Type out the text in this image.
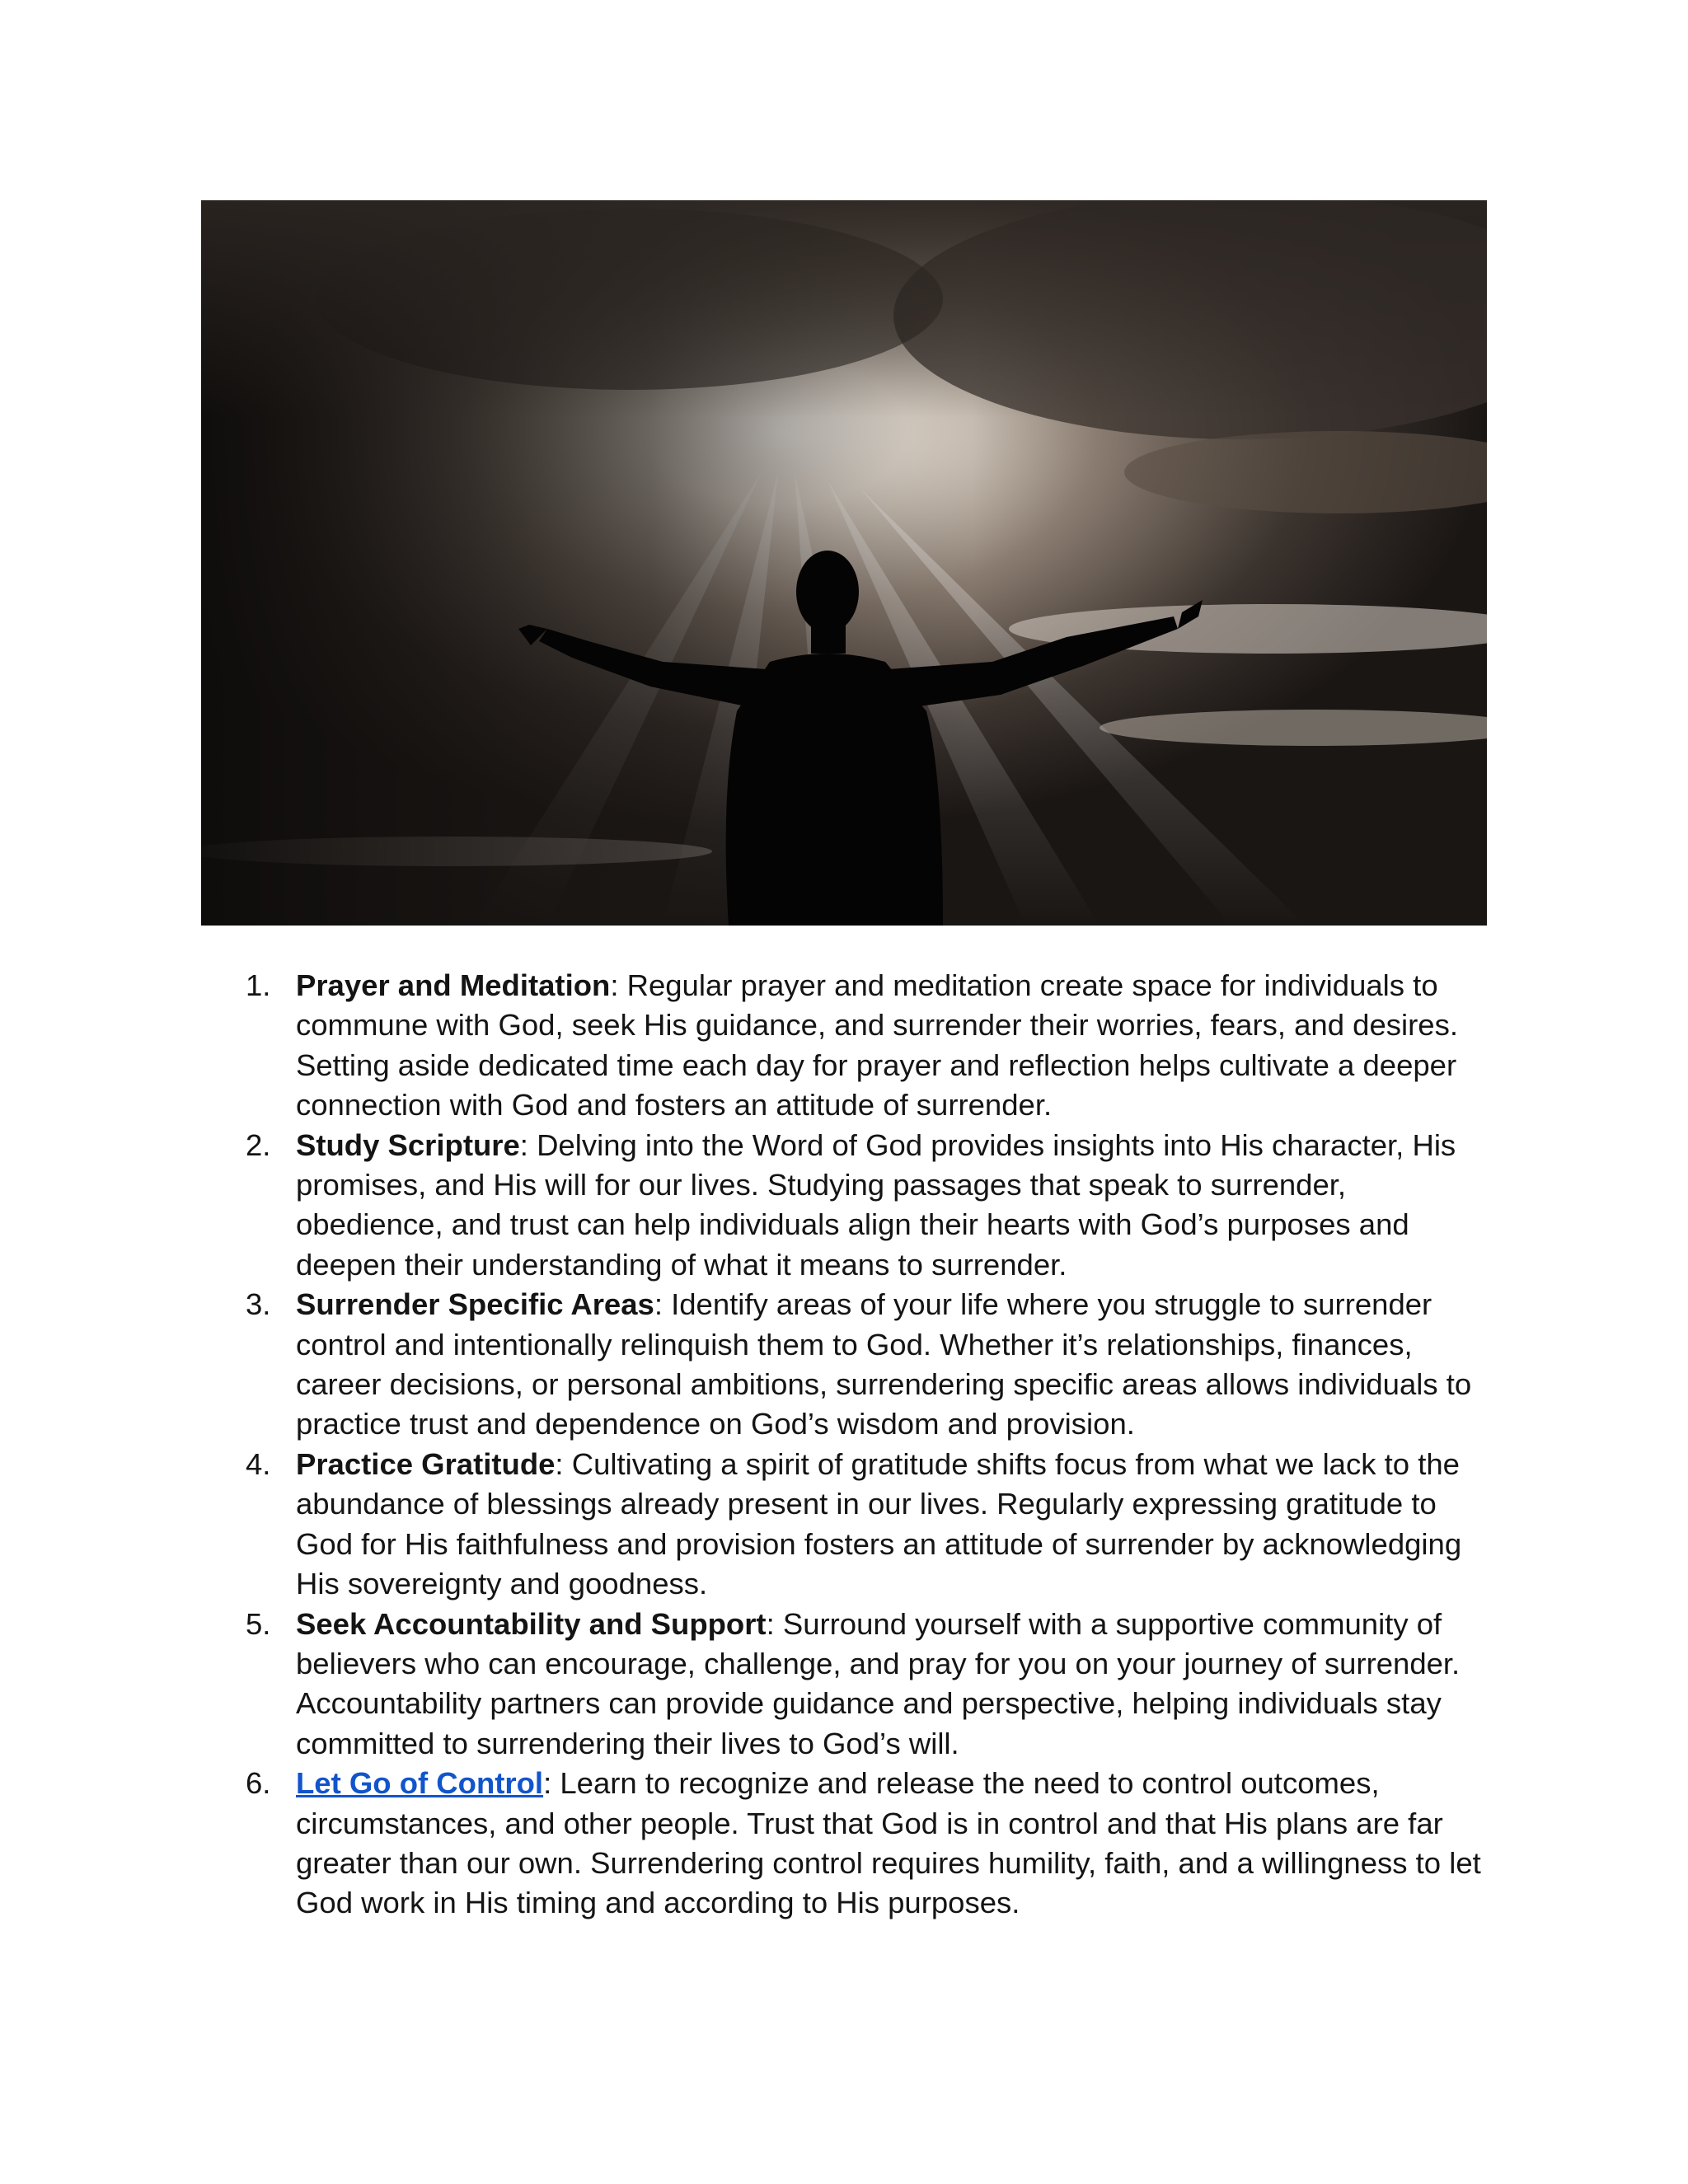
1. Prayer and Meditation: Regular prayer and meditation create space for individuals to commune with God, seek His guidance, and surrender their worries, fears, and desires. Setting aside dedicated time each day for prayer and reflection helps cultivate a deeper connection with God and fosters an attitude of surrender.
2. Study Scripture: Delving into the Word of God provides insights into His character, His promises, and His will for our lives. Studying passages that speak to surrender, obedience, and trust can help individuals align their hearts with God’s purposes and deepen their understanding of what it means to surrender.
3. Surrender Specific Areas: Identify areas of your life where you struggle to surrender control and intentionally relinquish them to God. Whether it’s relationships, finances, career decisions, or personal ambitions, surrendering specific areas allows individuals to practice trust and dependence on God’s wisdom and provision.
4. Practice Gratitude: Cultivating a spirit of gratitude shifts focus from what we lack to the abundance of blessings already present in our lives. Regularly expressing gratitude to God for His faithfulness and provision fosters an attitude of surrender by acknowledging His sovereignty and goodness.
5. Seek Accountability and Support: Surround yourself with a supportive community of believers who can encourage, challenge, and pray for you on your journey of surrender. Accountability partners can provide guidance and perspective, helping individuals stay committed to surrendering their lives to God’s will.
6. Let Go of Control: Learn to recognize and release the need to control outcomes, circumstances, and other people. Trust that God is in control and that His plans are far greater than our own. Surrendering control requires humility, faith, and a willingness to let God work in His timing and according to His purposes.
